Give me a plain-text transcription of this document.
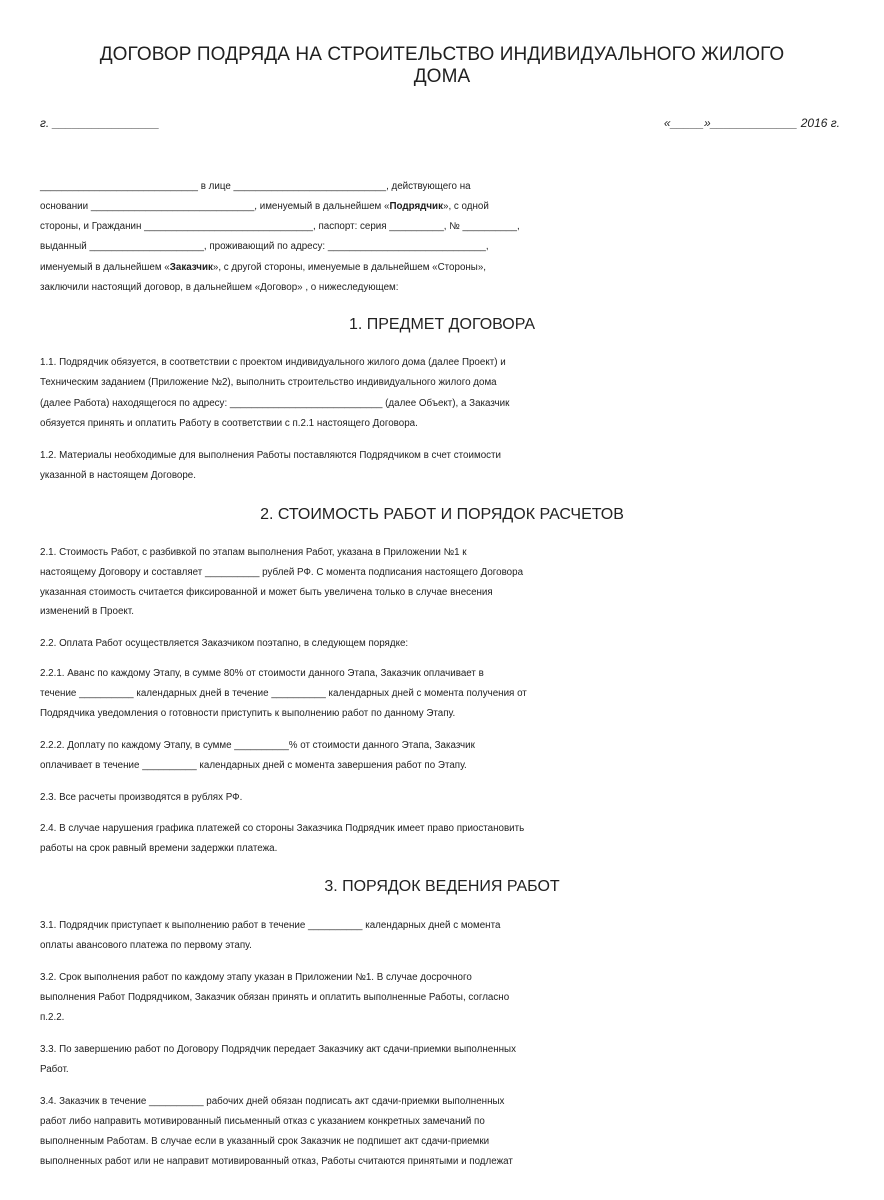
ДОГОВОР ПОДРЯДА НА СТРОИТЕЛЬСТВО ИНДИВИДУАЛЬНОГО ЖИЛОГО
ДОМА
г. ________________	«_____»_____________ 2016 г.
_____________________________ в лице ____________________________, действующего на
основании ______________________________, именуемый в дальнейшем «Подрядчик», с одной
стороны, и Гражданин _______________________________, паспорт: серия __________, № __________,
выданный _____________________, проживающий по адресу: _____________________________,
именуемый в дальнейшем «Заказчик», с другой стороны, именуемые в дальнейшем «Стороны»,
заключили настоящий договор, в дальнейшем «Договор» , о нижеследующем:
1. ПРЕДМЕТ ДОГОВОРА
1.1. Подрядчик обязуется, в соответствии с проектом индивидуального жилого дома (далее Проект) и
Техническим заданием (Приложение №2), выполнить строительство индивидуального жилого дома
(далее Работа) находящегося по адресу: ____________________________ (далее Объект), а Заказчик
обязуется принять и оплатить Работу в соответствии с п.2.1 настоящего Договора.
1.2. Материалы необходимые для выполнения Работы поставляются Подрядчиком в счет стоимости
указанной в настоящем Договоре.
2. СТОИМОСТЬ РАБОТ И ПОРЯДОК РАСЧЕТОВ
2.1. Стоимость Работ, с разбивкой по этапам выполнения Работ, указана в Приложении №1 к
настоящему Договору и составляет __________ рублей РФ. С момента подписания настоящего Договора
указанная стоимость считается фиксированной и может быть увеличена только в случае внесения
изменений в Проект.
2.2. Оплата Работ осуществляется Заказчиком поэтапно, в следующем порядке:
2.2.1. Аванс по каждому Этапу, в сумме 80% от стоимости данного Этапа, Заказчик оплачивает в
течение __________ календарных дней в течение __________ календарных дней с момента получения от
Подрядчика уведомления о готовности приступить к выполнению работ по данному Этапу.
2.2.2. Доплату по каждому Этапу, в сумме __________% от стоимости данного Этапа, Заказчик
оплачивает в течение __________ календарных дней с момента завершения работ по Этапу.
2.3. Все расчеты производятся в рублях РФ.
2.4. В случае нарушения графика платежей со стороны Заказчика Подрядчик имеет право приостановить
работы на срок равный времени задержки платежа.
3. ПОРЯДОК ВЕДЕНИЯ РАБОТ
3.1. Подрядчик приступает к выполнению работ в течение __________ календарных дней с момента
оплаты авансового платежа по первому этапу.
3.2. Срок выполнения работ по каждому этапу указан в Приложении №1. В случае досрочного
выполнения Работ Подрядчиком, Заказчик обязан принять и оплатить выполненные Работы, согласно
п.2.2.
3.3. По завершению работ по Договору Подрядчик передает Заказчику акт сдачи-приемки выполненных
Работ.
3.4. Заказчик в течение __________ рабочих дней обязан подписать акт сдачи-приемки выполненных
работ либо направить мотивированный письменный отказ с указанием конкретных замечаний по
выполненным Работам. В случае если в указанный срок Заказчик не подпишет акт сдачи-приемки
выполненных работ или не направит мотивированный отказ, Работы считаются принятыми и подлежат
